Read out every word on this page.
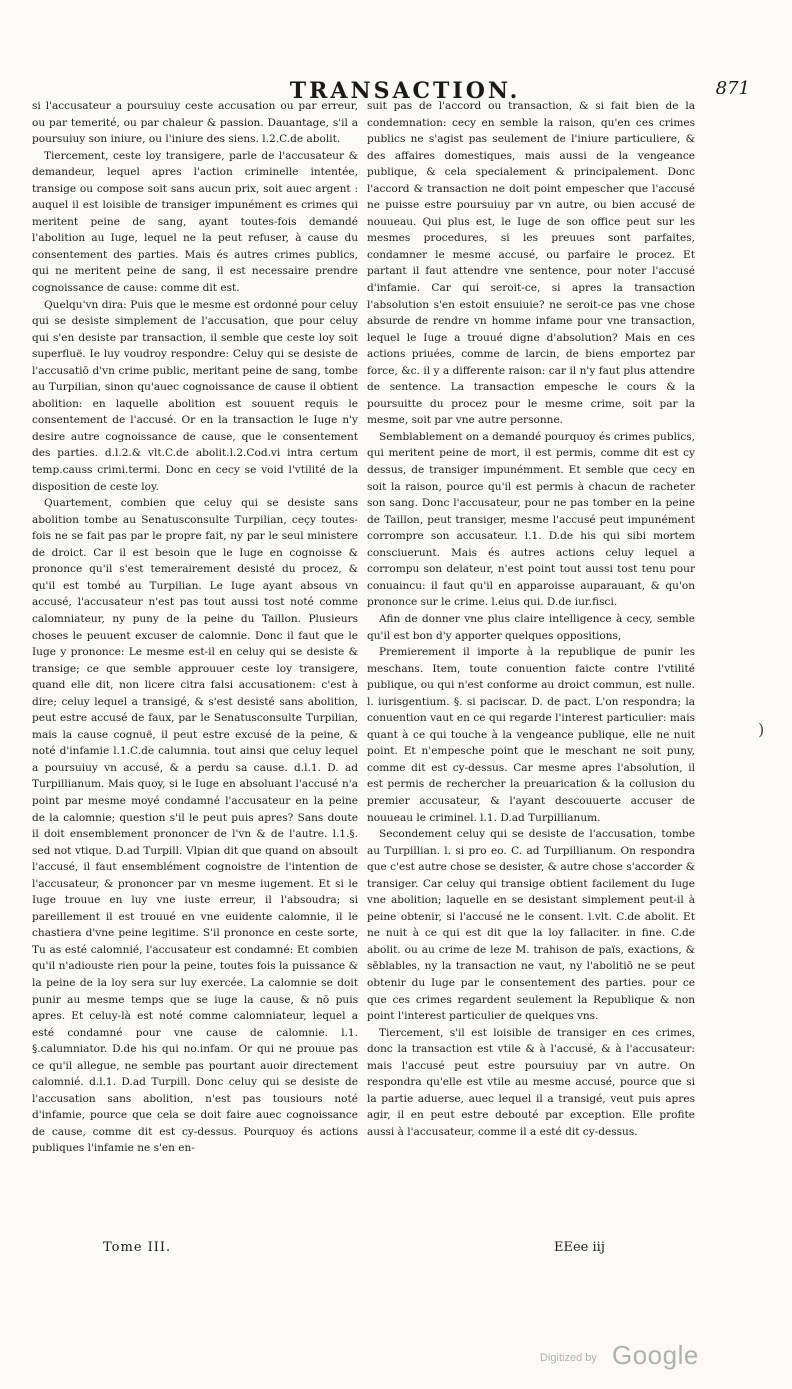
TRANSACTION.	871

si l'accusateur a poursuiuy ceste accusation ou par erreur, ou par temerité, ou par chaleur & passion. Dauantage, s'il a poursuiuy son iniure, ou l'iniure des siens. l.2.C.de abolit.

Tiercement, ceste loy transigere, parle de l'accusateur & demandeur, lequel apres l'action criminelle intentée, transige ou compose soit sans aucun prix, soit auec argent : auquel il est loisible de transiger impunément es crimes qui meritent peine de sang, ayant toutes-fois demandé l'abolition au Iuge, lequel ne la peut refuser, à cause du consentement des parties. Mais és autres crimes publics, qui ne meritent peine de sang, il est necessaire prendre cognoissance de cause: comme dit est.

Quelqu'vn dira: Puis que le mesme est ordonné pour celuy qui se desiste simplement de l'accusation, que pour celuy qui s'en desiste par transaction, il semble que ceste loy soit superfluë. Ie luy voudroy respondre: Celuy qui se desiste de l'accusatiō d'vn crime public, meritant peine de sang, tombe au Turpilian, sinon qu'auec cognoissance de cause il obtient abolition: en laquelle abolition est souuent requis le consentement de l'accusé. Or en la transaction le Iuge n'y desire autre cognoissance de cause, que le consentement des parties. d.l.2.& vlt.C.de abolit.l.2.Cod.vi intra certum temp.causs crimi.termi. Donc en cecy se void l'vtilité de la disposition de ceste loy.

Quartement, combien que celuy qui se desiste sans abolition tombe au Senatusconsulte Turpilian, ceçy toutes-fois ne se fait pas par le propre fait, ny par le seul ministere de droict. Car il est besoin que le Iuge en cognoisse & prononce qu'il s'est temerairement desisté du procez, & qu'il est tombé au Turpilian. Le Iuge ayant absous vn accusé, l'accusateur n'est pas tout aussi tost noté comme calomniateur, ny puny de la peine du Taillon. Plusieurs choses le peuuent excuser de calomnie. Donc il faut que le Iuge y prononce: Le mesme est-il en celuy qui se desiste & transige; ce que semble approuuer ceste loy transigere, quand elle dit, non licere citra falsi accusationem: c'est à dire; celuy lequel a transigé, & s'est desisté sans abolition, peut estre accusé de faux, par le Senatusconsulte Turpilian, mais la cause cognuë, il peut estre excusé de la peine, & noté d'infamie l.1.C.de calumnia. tout ainsi que celuy lequel a poursuiuy vn accusé, & a perdu sa cause. d.l.1. D. ad Turpillianum. Mais quoy, si le Iuge en absoluant l'accusé n'a point par mesme moyé condamné l'accusateur en la peine de la calomnie; question s'il le peut puis apres? Sans doute il doit ensemblement prononcer de l'vn & de l'autre. l.1.§. sed not vtique. D.ad Turpill. Vlpian dit que quand on absoult l'accusé, il faut ensemblément cognoistre de l'intention de l'accusateur, & prononcer par vn mesme iugement. Et si le Iuge trouue en luy vne iuste erreur, il l'absoudra; si pareillement il est trouué en vne euidente calomnie, il le chastiera d'vne peine legitime. S'il prononce en ceste sorte, Tu as esté calomnié, l'accusateur est condamné: Et combien qu'il n'adiouste rien pour la peine, toutes fois la puissance & la peine de la loy sera sur luy exercée. La calomnie se doit punir au mesme temps que se iuge la cause, & nō puis apres. Et celuy-là est noté comme calomniateur, lequel a esté condamné pour vne cause de calomnie. l.1. §.calumniator. D.de his qui no.infam. Or qui ne prouue pas ce qu'il allegue, ne semble pas pourtant auoir directement calomnié. d.l.1. D.ad Turpill. Donc celuy qui se desiste de l'accusation sans abolition, n'est pas tousiours noté d'infamie, pource que cela se doit faire auec cognoissance de cause, comme dit est cy-dessus. Pourquoy és actions publiques l'infamie ne s'en en-

suit pas de l'accord ou transaction, & si fait bien de la condemnation: cecy en semble la raison, qu'en ces crimes publics ne s'agist pas seulement de l'iniure particuliere, & des affaires domestiques, mais aussi de la vengeance publique, & cela specialement & principalement. Donc l'accord & transaction ne doit point empescher que l'accusé ne puisse estre poursuiuy par vn autre, ou bien accusé de nouueau. Qui plus est, le Iuge de son office peut sur les mesmes procedures, si les preuues sont parfaites, condamner le mesme accusé, ou parfaire le procez. Et partant il faut attendre vne sentence, pour noter l'accusé d'infamie. Car qui seroit-ce, si apres la transaction l'absolution s'en estoit ensuiuie? ne seroit-ce pas vne chose absurde de rendre vn homme infame pour vne transaction, lequel le Iuge a trouué digne d'absolution? Mais en ces actions priuées, comme de larcin, de biens emportez par force, &c. il y a differente raison: car il n'y faut plus attendre de sentence. La transaction empesche le cours & la poursuitte du procez pour le mesme crime, soit par la mesme, soit par vne autre personne.

Semblablement on a demandé pourquoy és crimes publics, qui meritent peine de mort, il est permis, comme dit est cy dessus, de transiger impunémment. Et semble que cecy en soit la raison, pource qu'il est permis à chacun de racheter son sang. Donc l'accusateur, pour ne pas tomber en la peine de Taillon, peut transiger, mesme l'accusé peut impunément corrompre son accusateur. l.1. D.de his qui sibi mortem consciuerunt. Mais és autres actions celuy lequel a corrompu son delateur, n'est point tout aussi tost tenu pour conuaincu: il faut qu'il en apparoisse auparauant, & qu'on prononce sur le crime. l.eius qui. D.de iur.fisci.

Afin de donner vne plus claire intelligence à cecy, semble qu'il est bon d'y apporter quelques oppositions,

Premierement il importe à la republique de punir les meschans. Item, toute conuention faicte contre l'vtilité publique, ou qui n'est conforme au droict commun, est nulle. l. iurisgentium. §. si paciscar. D. de pact. L'on respondra; la conuention vaut en ce qui regarde l'interest particulier: mais quant à ce qui touche à la vengeance publique, elle ne nuit point. Et n'empesche point que le meschant ne soit puny, comme dit est cy-dessus. Car mesme apres l'absolution, il est permis de rechercher la preuarication & la collusion du premier accusateur, & l'ayant descouuerte accuser de nouueau le criminel. l.1. D.ad Turpillianum.

Secondement celuy qui se desiste de l'accusation, tombe au Turpillian. l. si pro eo. C. ad Turpillianum. On respondra que c'est autre chose se desister, & autre chose s'accorder & transiger. Car celuy qui transige obtient facilement du Iuge vne abolition; laquelle en se desistant simplement peut-il à peine obtenir, si l'accusé ne le consent. l.vlt. C.de abolit. Et ne nuit à ce qui est dit que la loy fallaciter. in fine. C.de abolit. ou au crime de leze M. trahison de païs, exactions, & sēblables, ny la transaction ne vaut, ny l'abolitiō ne se peut obtenir du Iuge par le consentement des parties. pour ce que ces crimes regardent seulement la Republique & non point l'interest particulier de quelques vns.

Tiercement, s'il est loisible de transiger en ces crimes, donc la transaction est vtile & à l'accusé, & à l'accusateur: mais l'accusé peut estre poursuiuy par vn autre. On respondra qu'elle est vtile au mesme accusé, pource que si la partie aduerse, auec lequel il a transigé, veut puis apres agir, il en peut estre debouté par exception. Elle profite aussi à l'accusateur, comme il a esté dit cy-dessus.

Tome III.	EEee iij
)
Digitized by Google
